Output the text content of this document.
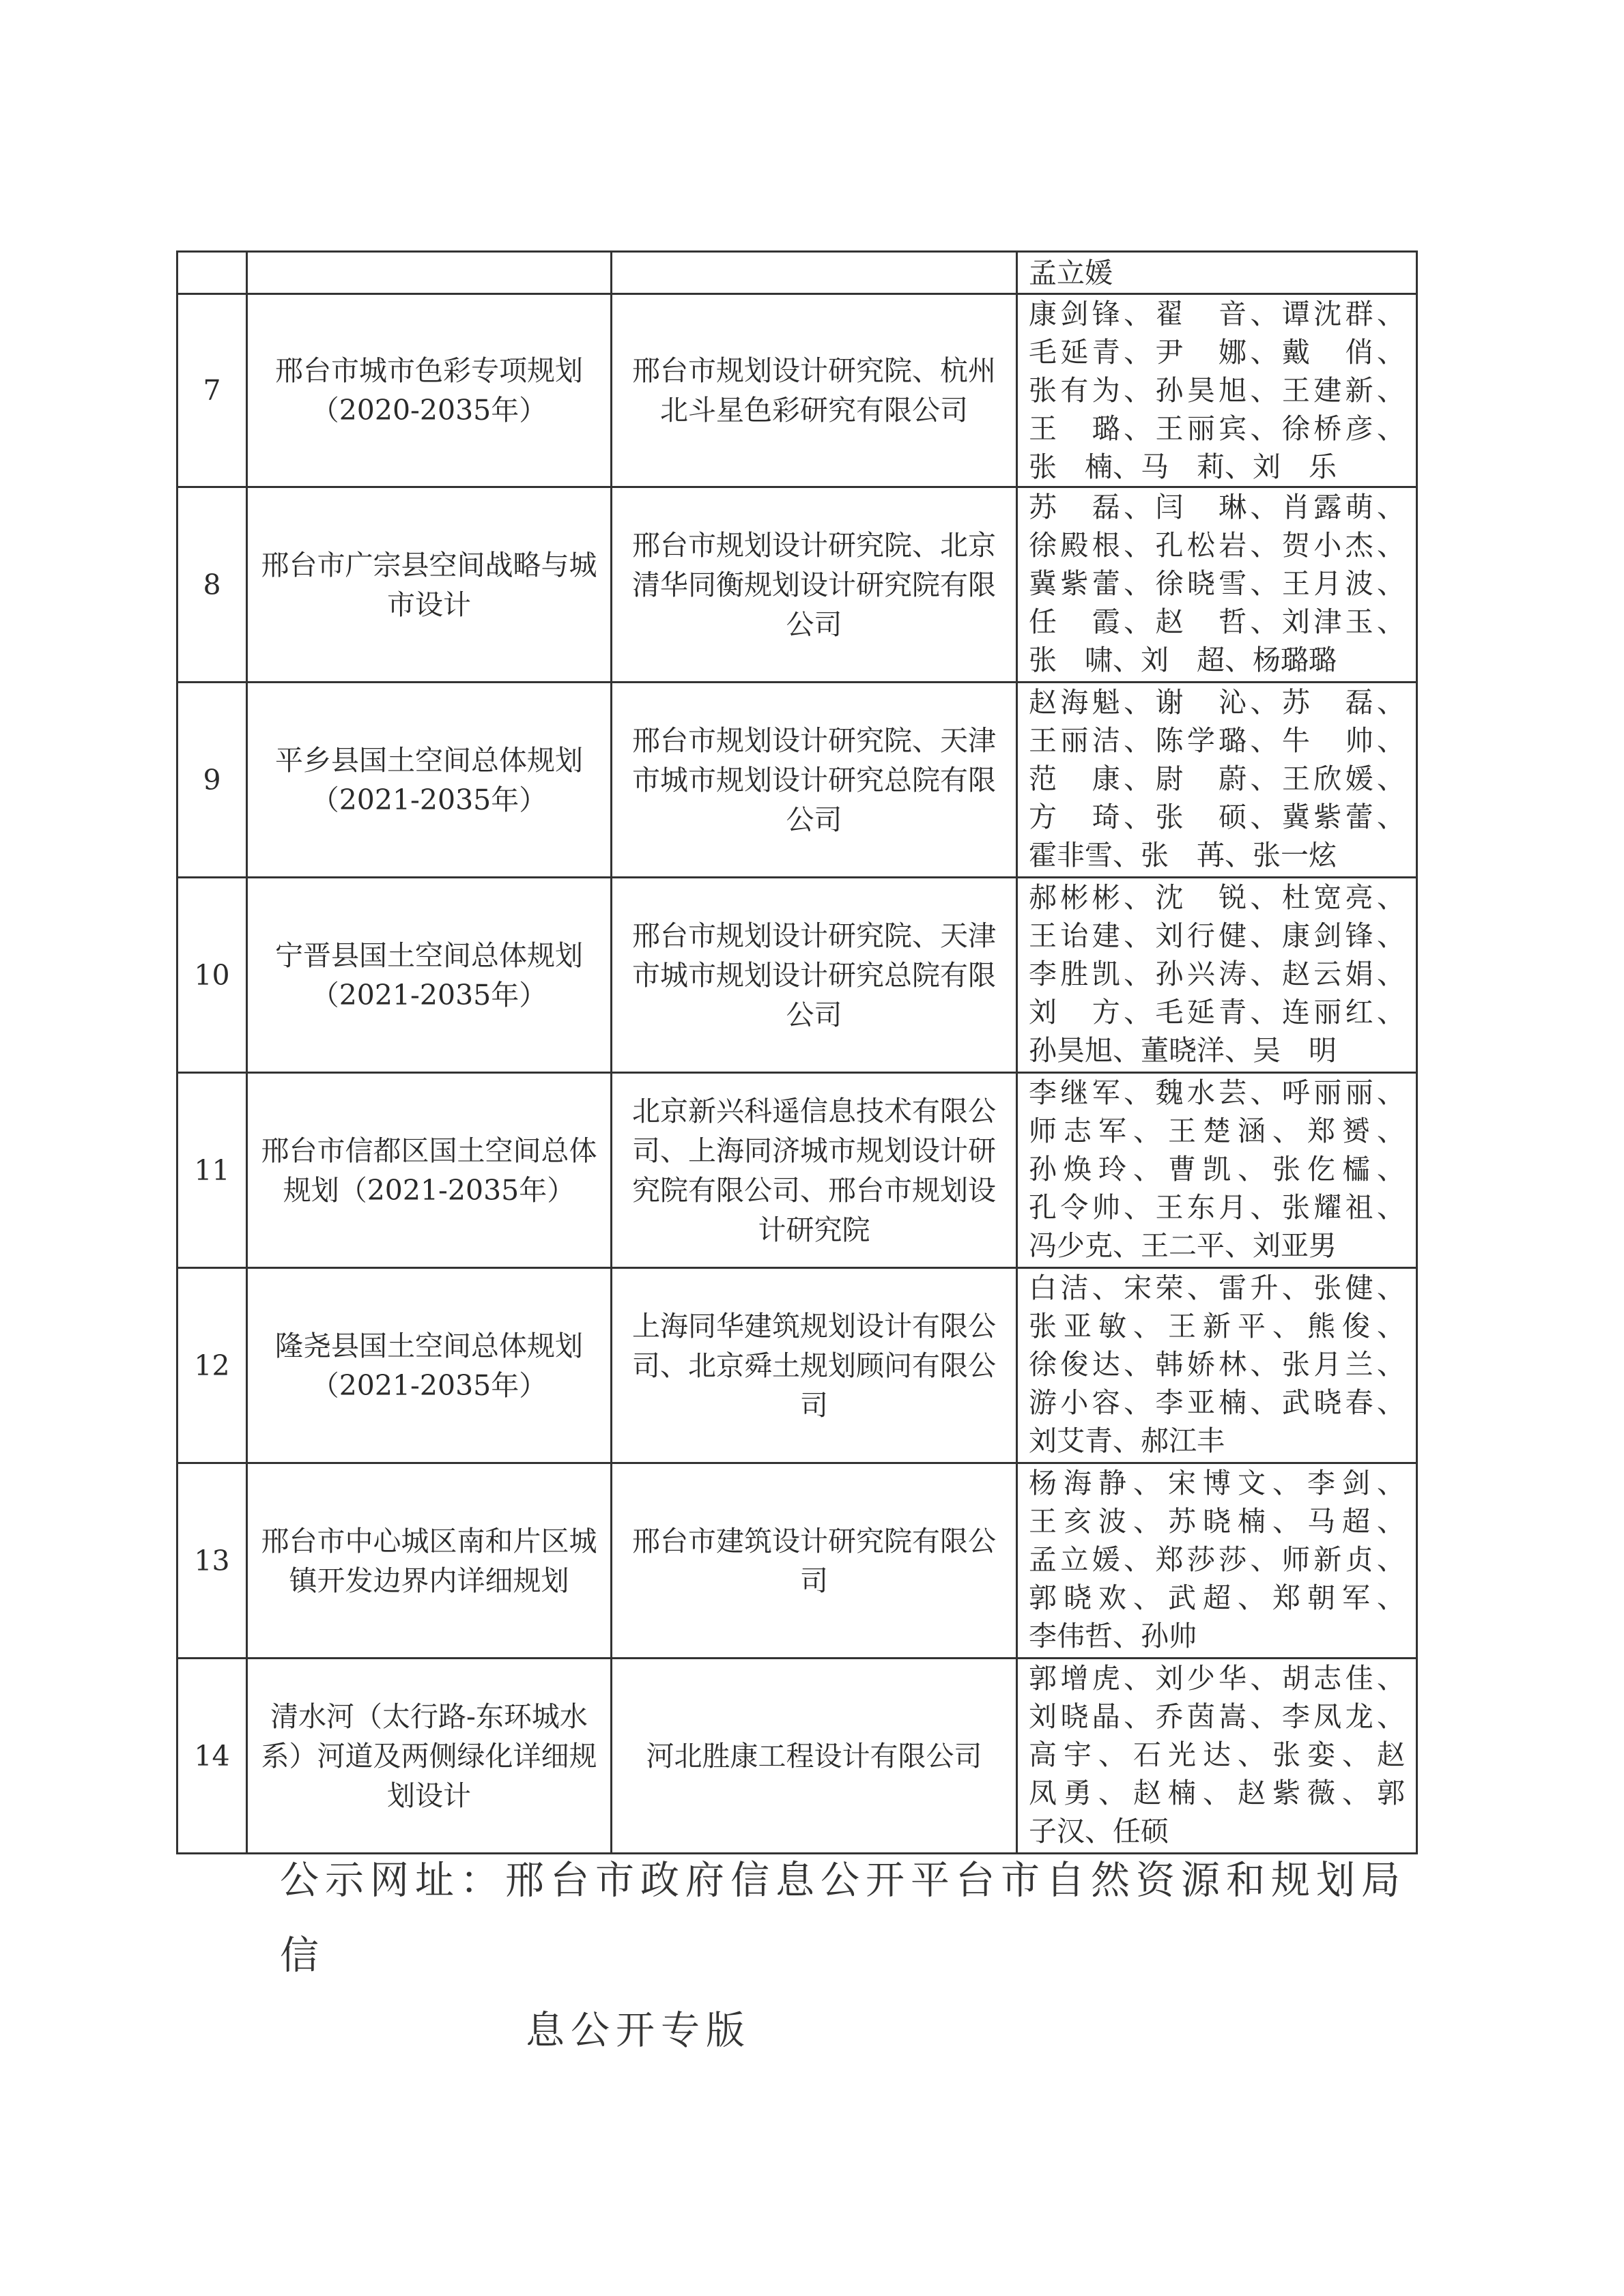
			孟立媛

7	邢台市城市色彩专项规划（2020-2035年）	邢台市规划设计研究院、杭州北斗星色彩研究有限公司	康剑锋、翟　音、谭沈群、
毛延青、尹　娜、戴　俏、
张有为、孙昊旭、王建新、
王　璐、王丽宾、徐桥彦、
张　楠、马　莉、刘　乐

8	邢台市广宗县空间战略与城市设计	邢台市规划设计研究院、北京清华同衡规划设计研究院有限公司	苏　磊、闫　琳、肖露萌、
徐殿根、孔松岩、贺小杰、
冀紫蕾、徐晓雪、王月波、
任　霞、赵　哲、刘津玉、
张　啸、刘　超、杨璐璐

9	平乡县国土空间总体规划（2021-2035年）	邢台市规划设计研究院、天津市城市规划设计研究总院有限公司	赵海魁、谢　沁、苏　磊、
王丽洁、陈学璐、牛　帅、
范　康、尉　蔚、王欣媛、
方　琦、张　硕、冀紫蕾、
霍非雪、张　苒、张一炫

10	宁晋县国土空间总体规划（2021-2035年）	邢台市规划设计研究院、天津市城市规划设计研究总院有限公司	郝彬彬、沈　锐、杜宽亮、
王诒建、刘行健、康剑锋、
李胜凯、孙兴涛、赵云娟、
刘　方、毛延青、连丽红、
孙昊旭、董晓洋、吴　明

11	邢台市信都区国土空间总体规划（2021-2035年）	北京新兴科遥信息技术有限公司、上海同济城市规划设计研究院有限公司、邢台市规划设计研究院	李继军、魏水芸、呼丽丽、
师志军、王楚涵、郑赟、
孙焕玲、曹凯、张仡櫺、
孔令帅、王东月、张耀祖、
冯少克、王二平、刘亚男

12	隆尧县国土空间总体规划（2021-2035年）	上海同华建筑规划设计有限公司、北京舜土规划顾问有限公司	白洁、宋荣、雷升、张健、
张亚敏、王新平、熊俊、
徐俊达、韩娇林、张月兰、
游小容、李亚楠、武晓春、
刘艾青、郝江丰

13	邢台市中心城区南和片区城镇开发边界内详细规划	邢台市建筑设计研究院有限公司	杨海静、宋博文、李剑、
王亥波、苏晓楠、马超、
孟立媛、郑莎莎、师新贞、
郭晓欢、武超、郑朝军、
李伟哲、孙帅

14	清水河（太行路-东环城水系）河道及两侧绿化详细规划设计	河北胜康工程设计有限公司	郭增虎、刘少华、胡志佳、
刘晓晶、乔茵嵩、李凤龙、
高宇、石光达、张娈、赵
凤勇、赵楠、赵紫薇、郭
子汉、任硕
公示网址：邢台市政府信息公开平台市自然资源和规划局信
息公开专版
